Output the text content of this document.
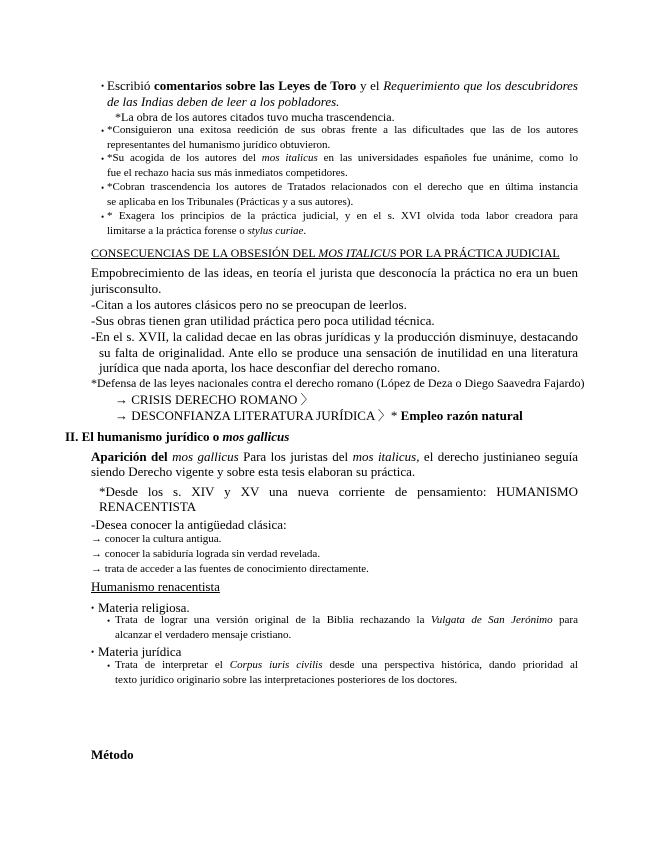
• Escribió comentarios sobre las Leyes de Toro y el Requerimiento que los descubridores
de las Indias deben de leer a los pobladores.
*La obra de los autores citados tuvo mucha trascendencia.
• *Consiguieron una exitosa reedición de sus obras frente a las dificultades que las de los autores
representantes del humanismo jurídico obtuvieron.
• *Su acogida de los autores del mos italicus en las universidades españoles fue unánime, como lo
fue el rechazo hacia sus más inmediatos competidores.
• *Cobran trascendencia los autores de Tratados relacionados con el derecho que en última instancia
se aplicaba en los Tribunales (Prácticas y a sus autores).
• * Exagera los principios de la práctica judicial, y en el s. XVI olvida toda labor creadora para
limitarse a la práctica forense o stylus curiae.
CONSECUENCIAS DE LA OBSESIÓN DEL MOS ITALICUS POR LA PRÁCTICA JUDICIAL
Empobrecimiento de las ideas, en teoría el jurista que desconocía la práctica no era un buen
jurisconsulto.
-Citan a los autores clásicos pero no se preocupan de leerlos.
-Sus obras tienen gran utilidad práctica pero poca utilidad técnica.
-En el s. XVII, la calidad decae en las obras jurídicas y la producción disminuye, destacando
su falta de originalidad. Ante ello se produce una sensación de inutilidad en una literatura
jurídica que nada aporta, los hace desconfiar del derecho romano.
*Defensa de las leyes nacionales contra el derecho romano (López de Deza o Diego Saavedra Fajardo)
→ CRISIS DERECHO ROMANO 〉
→ DESCONFIANZA LITERATURA JURÍDICA 〉* Empleo razón natural
II. El humanismo jurídico o mos gallicus
Aparición del mos gallicus Para los juristas del mos italicus, el derecho justinianeo seguía
siendo Derecho vigente y sobre esta tesis elaboran su práctica.
*Desde los s. XIV y XV una nueva corriente de pensamiento: HUMANISMO
RENACENTISTA
-Desea conocer la antigüedad clásica:
→ conocer la cultura antigua.
→ conocer la sabiduría lograda sin verdad revelada.
→ trata de acceder a las fuentes de conocimiento directamente.
Humanismo renacentista
• Materia religiosa.
• Trata de lograr una versión original de la Biblia rechazando la Vulgata de San Jerónimo para
alcanzar el verdadero mensaje cristiano.
• Materia jurídica
• Trata de interpretar el Corpus iuris civilis desde una perspectiva histórica, dando prioridad al
texto jurídico originario sobre las interpretaciones posteriores de los doctores.
Método
